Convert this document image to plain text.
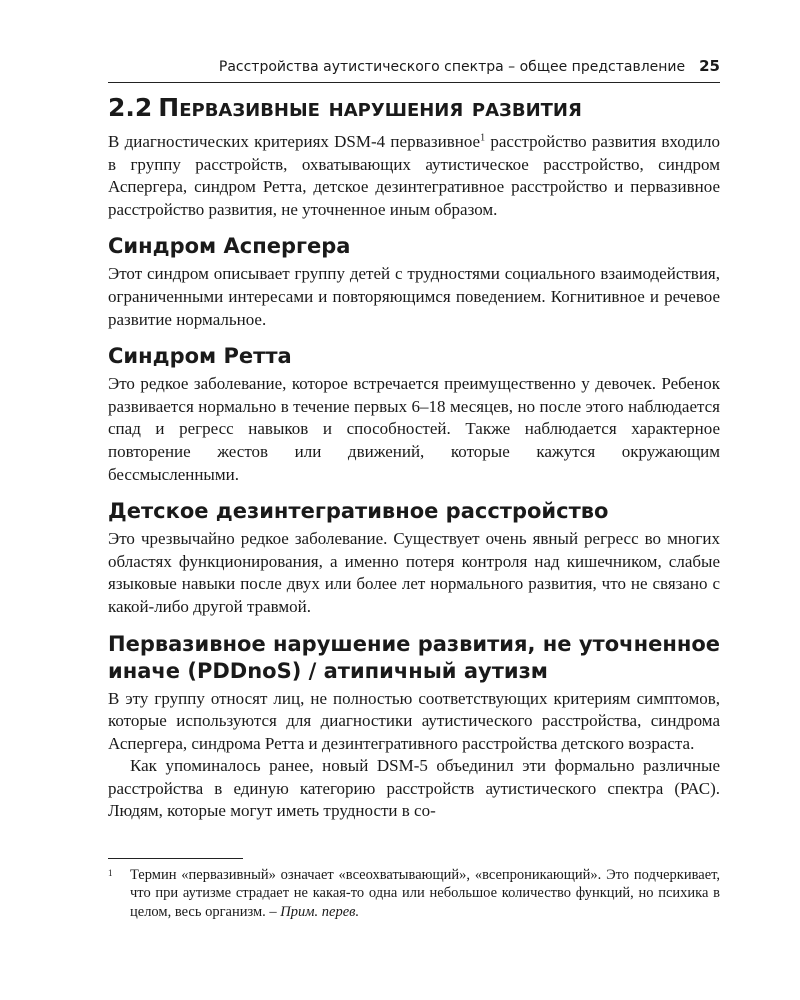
Расстройства аутистического спектра – общее представление 25
2.2 Первазивные нарушения развития

В диагностических критериях DSM-4 первазивное$^1$ расстройство развития входило в группу расстройств, охватывающих аутистическое расстройство, синдром Аспергера, синдром Ретта, детское дезинтегративное расстройство и первазивное расстройство развития, не уточненное иным образом.

Синдром Аспергера

Этот синдром описывает группу детей с трудностями социального взаимодействия, ограниченными интересами и повторяющимся поведением. Когнитивное и речевое развитие нормальное.

Синдром Ретта

Это редкое заболевание, которое встречается преимущественно у девочек. Ребенок развивается нормально в течение первых 6–18 месяцев, но после этого наблюдается спад и регресс навыков и способностей. Также наблюдается характерное повторение жестов или движений, которые кажутся окружающим бессмысленными.

Детское дезинтегративное расстройство

Это чрезвычайно редкое заболевание. Существует очень явный регресс во многих областях функционирования, а именно потеря контроля над кишечником, слабые языковые навыки после двух или более лет нормального развития, что не связано с какой-либо другой травмой.

Первазивное нарушение развития, не уточненное иначе (PDDnoS) / атипичный аутизм

В эту группу относят лиц, не полностью соответствующих критериям симптомов, которые используются для диагностики аутистического расстройства, синдрома Аспергера, синдрома Ретта и дезинтегративного расстройства детского возраста.

Как упоминалось ранее, новый DSM-5 объединил эти формально различные расстройства в единую категорию расстройств аутистического спектра (РАС). Людям, которые могут иметь трудности в со-

1 Термин «первазивный» означает «всеохватывающий», «всепроникающий». Это подчеркивает, что при аутизме страдает не какая-то одна или небольшое количество функций, но психика в целом, весь организм. – Прим. перев.
